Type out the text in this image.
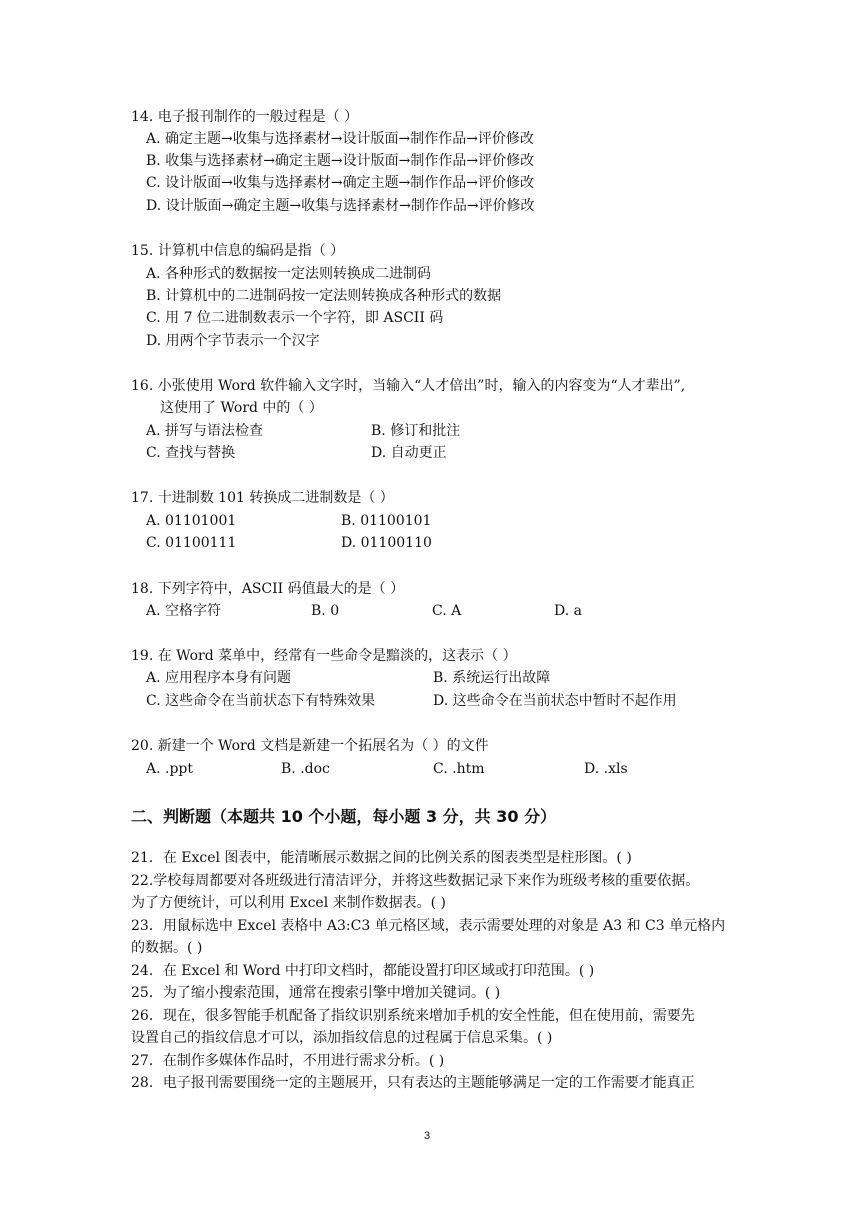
14. 电子报刊制作的一般过程是（ ）
A. 确定主题→收集与选择素材→设计版面→制作作品→评价修改
B. 收集与选择素材→确定主题→设计版面→制作作品→评价修改
C. 设计版面→收集与选择素材→确定主题→制作作品→评价修改
D. 设计版面→确定主题→收集与选择素材→制作作品→评价修改
15. 计算机中信息的编码是指（ ）
A. 各种形式的数据按一定法则转换成二进制码
B. 计算机中的二进制码按一定法则转换成各种形式的数据
C. 用 7 位二进制数表示一个字符，即 ASCII 码
D. 用两个字节表示一个汉字
16. 小张使用 Word 软件输入文字时，当输入“人才倍出”时，输入的内容变为“人才辈出”,
这使用了 Word 中的（ ）
A. 拼写与语法检查	B. 修订和批注
C. 查找与替换	D. 自动更正
17. 十进制数 101 转换成二进制数是（ ）
A. 01101001	B. 01100101
C. 01100111	D. 01100110
18. 下列字符中，ASCII 码值最大的是（ ）
A. 空格字符	B. 0	C. A	D. a
19. 在 Word 菜单中，经常有一些命令是黯淡的，这表示（ ）
A. 应用程序本身有问题	B. 系统运行出故障
C. 这些命令在当前状态下有特殊效果	D. 这些命令在当前状态中暂时不起作用
20. 新建一个 Word 文档是新建一个拓展名为（ ）的文件
A. .ppt	B. .doc	C. .htm	D. .xls
二、判断题（本题共 10 个小题，每小题 3 分，共 30 分）
21．在 Excel 图表中，能清晰展示数据之间的比例关系的图表类型是柱形图。( )
22.学校每周都要对各班级进行清洁评分，并将这些数据记录下来作为班级考核的重要依据。
为了方便统计，可以利用 Excel 来制作数据表。( )
23．用鼠标选中 Excel 表格中 A3:C3 单元格区域，表示需要处理的对象是 A3 和 C3 单元格内
的数据。( )
24．在 Excel 和 Word 中打印文档时，都能设置打印区域或打印范围。( )
25．为了缩小搜索范围，通常在搜索引擎中增加关键词。( )
26．现在，很多智能手机配备了指纹识别系统来增加手机的安全性能，但在使用前，需要先
设置自己的指纹信息才可以，添加指纹信息的过程属于信息采集。( )
27．在制作多媒体作品时，不用进行需求分析。( )
28．电子报刊需要围绕一定的主题展开，只有表达的主题能够满足一定的工作需要才能真正
3
